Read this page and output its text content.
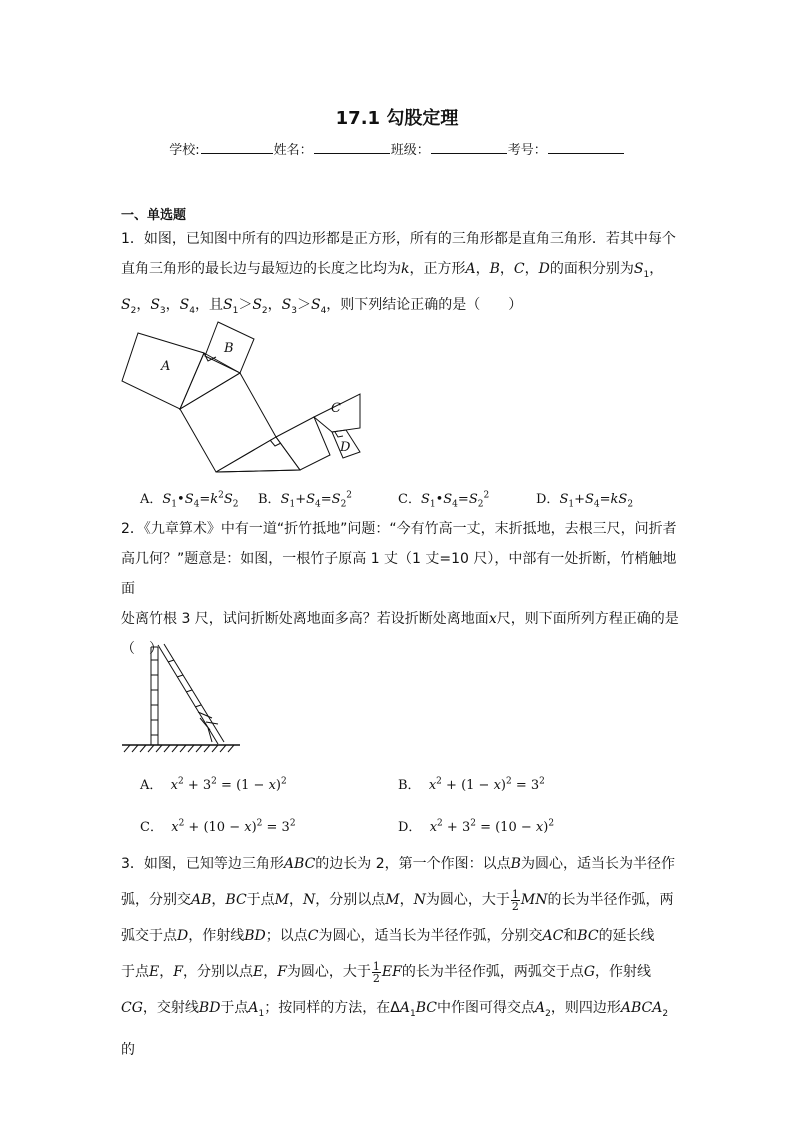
17.1 勾股定理
学校:	姓名：	班级：	考号：
一、单选题
1．如图，已知图中所有的四边形都是正方形，所有的三角形都是直角三角形．若其中每个
直角三角形的最长边与最短边的长度之比均为k，正方形A，B，C，D的面积分别为$S_1$，
$S_2$，$S_3$，$S_4$，且$S_1>S_2$，$S_3>S_4$，则下列结论正确的是（　　）
A
B
C
D
A．$S_1•S_4=k^2S_2$ B．$S_1+S_4=S_2^2$	C．$S_1•S_4=S_2^2$	D．$S_1+S_4=kS_2$
2．《九章算术》中有一道“折竹抵地”问题：“今有竹高一丈，末折抵地，去根三尺，问折者
高几何？”题意是：如图，一根竹子原高 1 丈（1 丈=10 尺），中部有一处折断，竹梢触地面
处离竹根 3 尺，试问折断处离地面多高？若设折断处离地面x尺，则下面所列方程正确的是
（　）
A． $x^2 + 3^2 = (1 - x)^2$	B． $x^2 + (1 - x)^2 = 3^2$
C． $x^2 + (10 - x)^2 = 3^2$	D． $x^2 + 3^2 = (10 - x)^2$
3．如图，已知等边三角形ABC的边长为 2，第一个作图：以点B为圆心，适当长为半径作
弧，分别交AB，BC于点M，N，分别以点M，N为圆心，大于 $\frac{1}{2}$ MN的长为半径作弧，两
弧交于点D，作射线BD；以点C为圆心，适当长为半径作弧，分别交AC和BC的延长线
于点E，F，分别以点E，F为圆心，大于 $\frac{1}{2}$ EF的长为半径作弧，两弧交于点G，作射线
CG，交射线BD于点$A_1$；按同样的方法，在$\Delta A_1BC$中作图可得交点$A_2$，则四边形$ABCA_2$的
